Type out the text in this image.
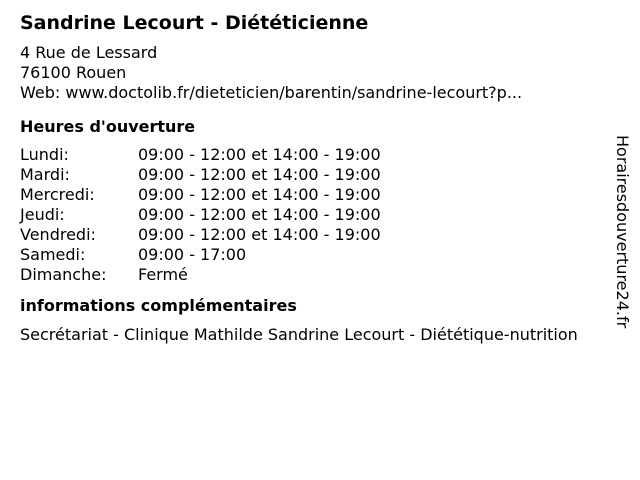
Sandrine Lecourt - Diététicienne
4 Rue de Lessard
76100 Rouen
Web: www.doctolib.fr/dieteticien/barentin/sandrine-lecourt?p...
Heures d'ouverture
Lundi:	09:00 - 12:00 et 14:00 - 19:00
Mardi:	09:00 - 12:00 et 14:00 - 19:00
Mercredi:	09:00 - 12:00 et 14:00 - 19:00
Jeudi:	09:00 - 12:00 et 14:00 - 19:00
Vendredi:	09:00 - 12:00 et 14:00 - 19:00
Samedi:	09:00 - 17:00
Dimanche:	Fermé
informations complémentaires
Secrétariat - Clinique Mathilde Sandrine Lecourt - Diététique-nutrition
Horairesdouverture24.fr
